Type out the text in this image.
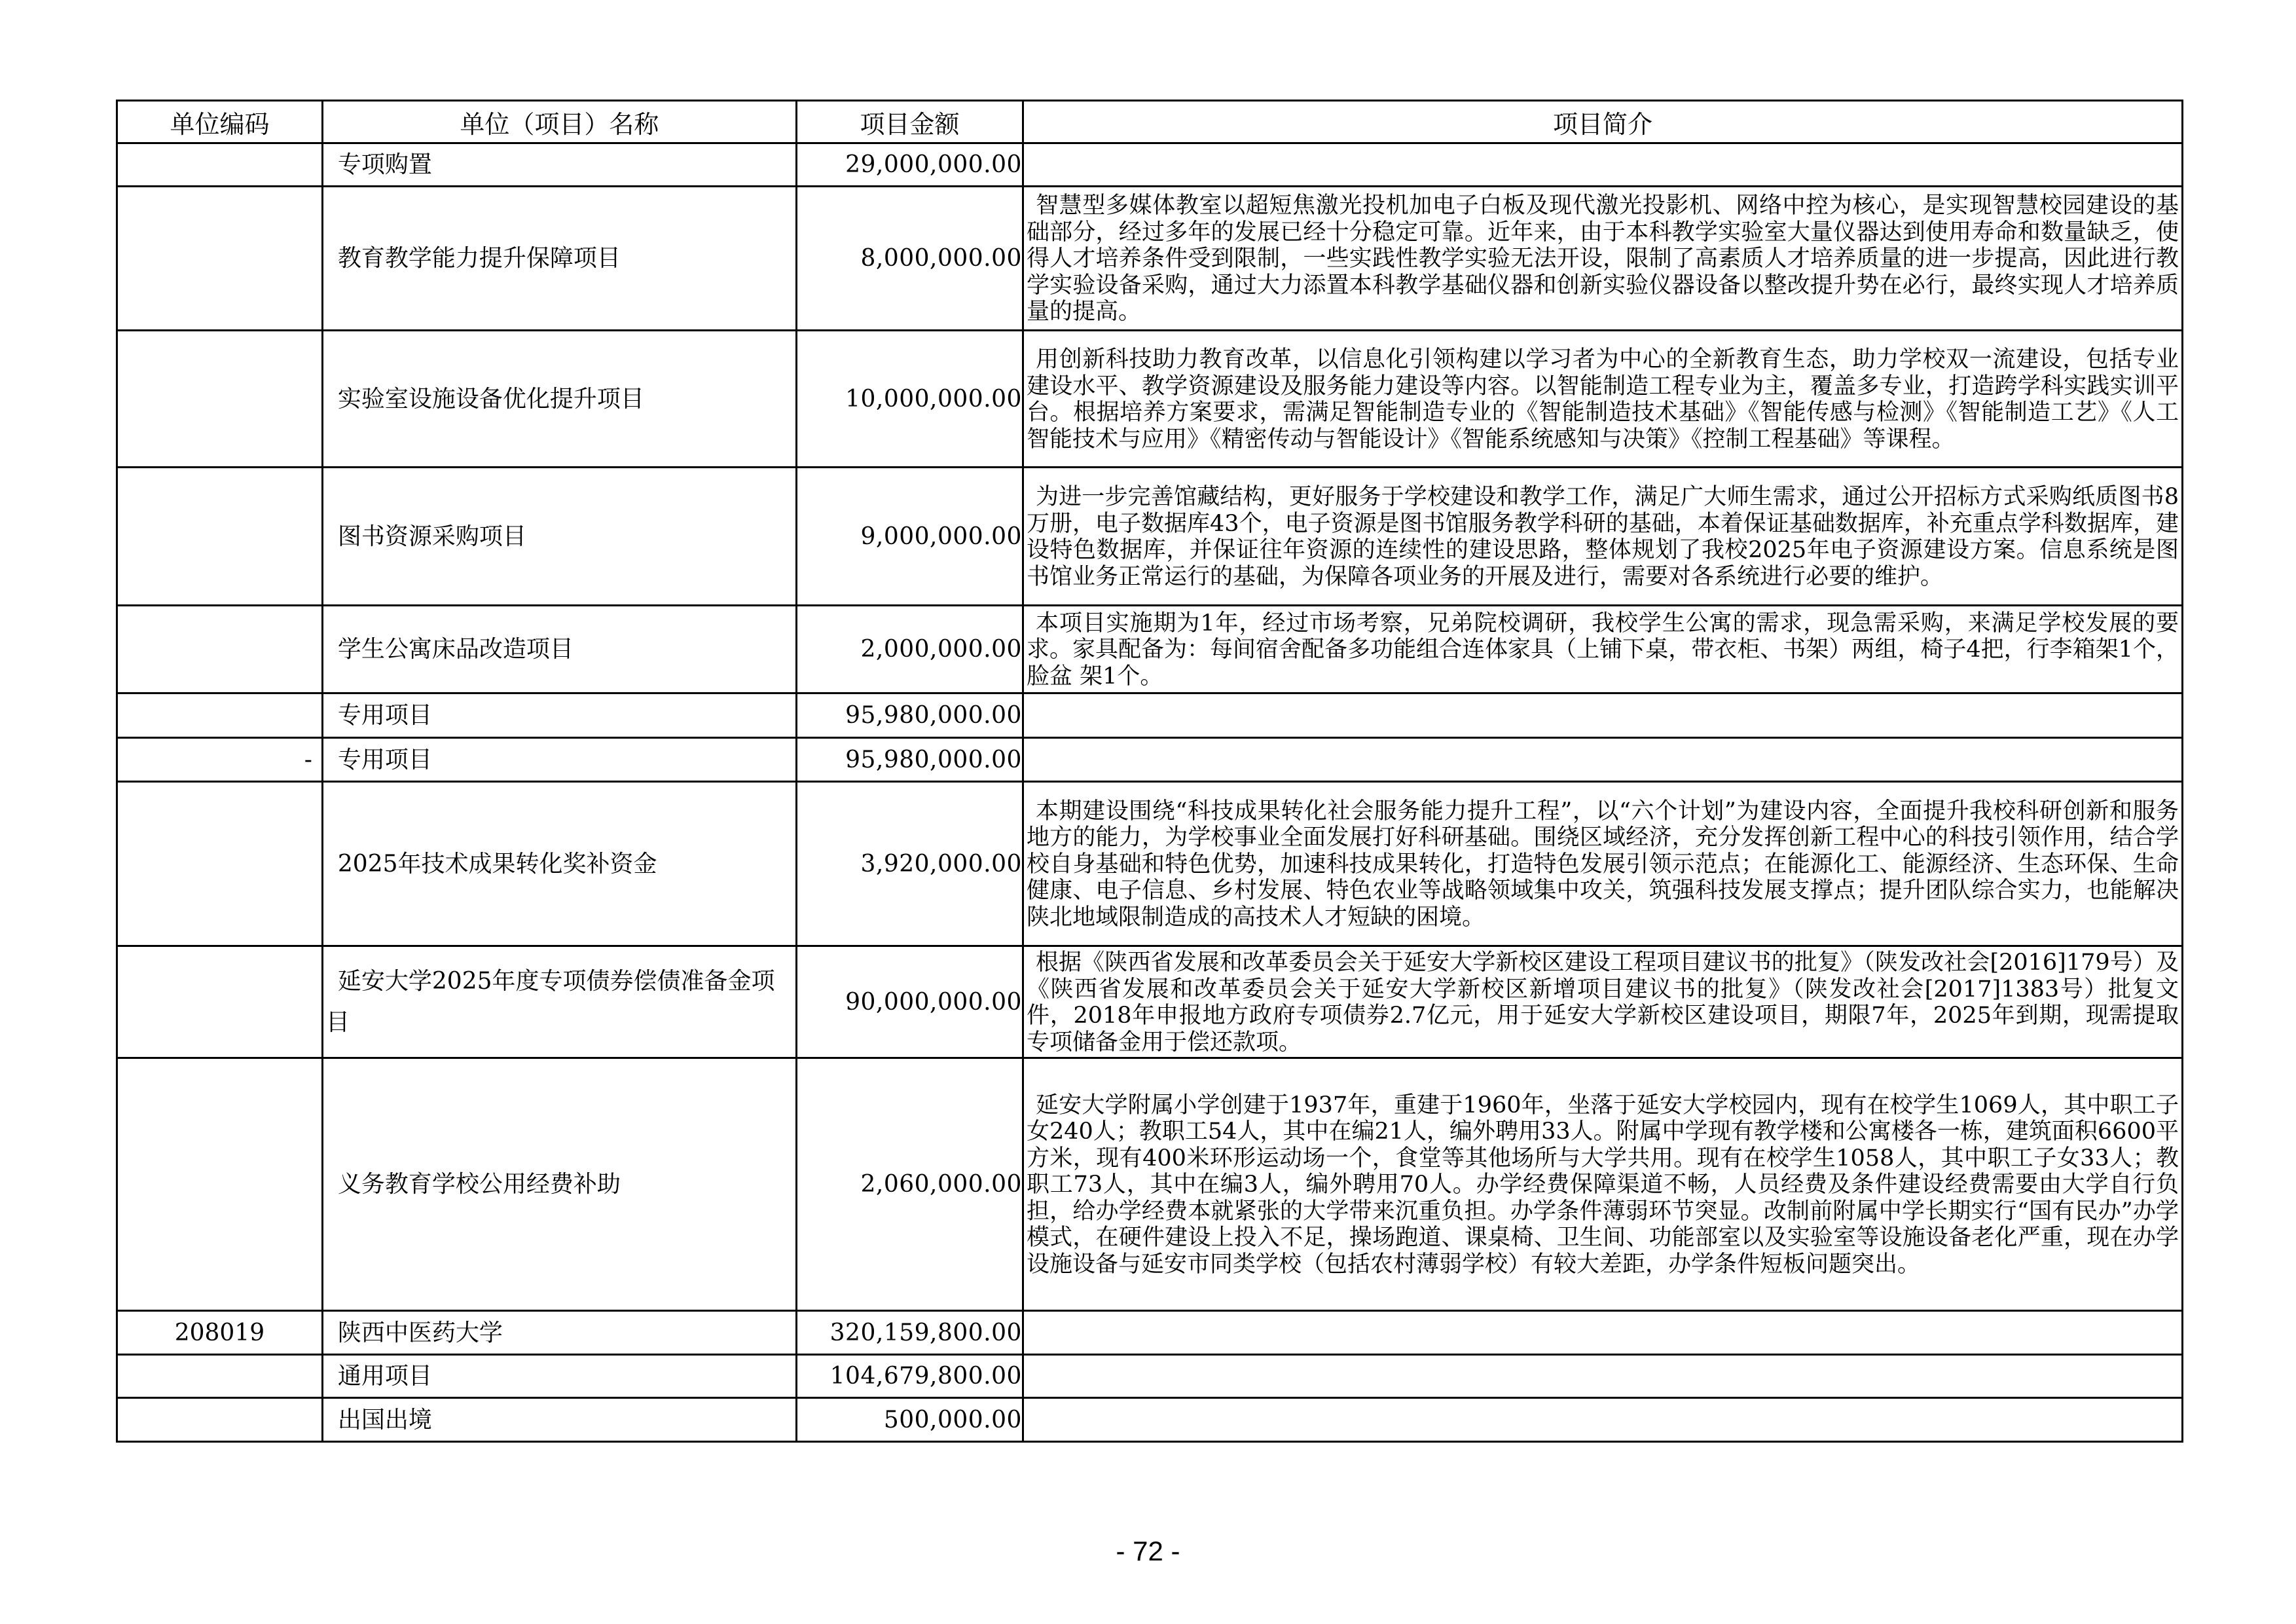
单位编码	单位（项目）名称	项目金额	项目简介
	专项购置	29,000,000.00	
	教育教学能力提升保障项目	8,000,000.00	智慧型多媒体教室以超短焦激光投机加电子白板及现代激光投影机、网络中控为核心，是实现智慧校园建设的基础部分，经过多年的发展已经十分稳定可靠。近年来，由于本科教学实验室大量仪器达到使用寿命和数量缺乏，使得人才培养条件受到限制，一些实践性教学实验无法开设，限制了高素质人才培养质量的进一步提高，因此进行教学实验设备采购，通过大力添置本科教学基础仪器和创新实验仪器设备以整改提升势在必行，最终实现人才培养质量的提高。
	实验室设施设备优化提升项目	10,000,000.00	用创新科技助力教育改革，以信息化引领构建以学习者为中心的全新教育生态，助力学校双一流建设，包括专业建设水平、教学资源建设及服务能力建设等内容。以智能制造工程专业为主，覆盖多专业，打造跨学科实践实训平 台。根据培养方案要求，需满足智能制造专业的《智能制造技术基础》《智能传感与检测》《智能制造工艺》《人工智能技术与应用》《精密传动与智能设计》《智能系统感知与决策》《控制工程基础》等课程。
	图书资源采购项目	9,000,000.00	为进一步完善馆藏结构，更好服务于学校建设和教学工作，满足广大师生需求，通过公开招标方式采购纸质图书8万册，电子数据库43个，电子资源是图书馆服务教学科研的基础，本着保证基础数据库，补充重点学科数据库，建设特色数据库，并保证往年资源的连续性的建设思路，整体规划了我校2025年电子资源建设方案。信息系统是图书馆业务正常运行的基础，为保障各项业务的开展及进行，需要对各系统进行必要的维护。
	学生公寓床品改造项目	2,000,000.00	本项目实施期为1年，经过市场考察，兄弟院校调研，我校学生公寓的需求，现急需采购，来满足学校发展的要求。家具配备为：每间宿舍配备多功能组合连体家具（上铺下桌，带衣柜、书架）两组，椅子4把，行李箱架1个，脸盆 架1个。
	专用项目	95,980,000.00	
-	专用项目	95,980,000.00	
	2025年技术成果转化奖补资金	3,920,000.00	本期建设围绕“科技成果转化社会服务能力提升工程”，以“六个计划”为建设内容，全面提升我校科研创新和服务地方的能力，为学校事业全面发展打好科研基础。围绕区域经济，充分发挥创新工程中心的科技引领作用，结合学校自身基础和特色优势，加速科技成果转化，打造特色发展引领示范点；在能源化工、能源经济、生态环保、生命健康、电子信息、乡村发展、特色农业等战略领域集中攻关，筑强科技发展支撑点；提升团队综合实力，也能解决陕北地域限制造成的高技术人才短缺的困境。
	延安大学2025年度专项债券偿债准备金项目	90,000,000.00	根据《陕西省发展和改革委员会关于延安大学新校区建设工程项目建议书的批复》（陕发改社会[2016]179号）及《陕西省发展和改革委员会关于延安大学新校区新增项目建议书的批复》（陕发改社会[2017]1383号）批复文件，2018年申报地方政府专项债券2.7亿元，用于延安大学新校区建设项目，期限7年，2025年到期，现需提取专项储备金用于偿还款项。
	义务教育学校公用经费补助	2,060,000.00	延安大学附属小学创建于1937年，重建于1960年，坐落于延安大学校园内，现有在校学生1069人，其中职工子女240人；教职工54人，其中在编21人，编外聘用33人。附属中学现有教学楼和公寓楼各一栋，建筑面积6600平方米，现有400米环形运动场一个，食堂等其他场所与大学共用。现有在校学生1058人，其中职工子女33人；教职工73人，其中在编3人，编外聘用70人。办学经费保障渠道不畅，人员经费及条件建设经费需要由大学自行负担，给办学经费本就紧张的大学带来沉重负担。办学条件薄弱环节突显。改制前附属中学长期实行“国有民办”办学模式，在硬件建设上投入不足，操场跑道、课桌椅、卫生间、功能部室以及实验室等设施设备老化严重，现在办学设施设备与延安市同类学校（包括农村薄弱学校）有较大差距，办学条件短板问题突出。
208019	陕西中医药大学	320,159,800.00	
	通用项目	104,679,800.00	
	出国出境	500,000.00	
- 72 -
